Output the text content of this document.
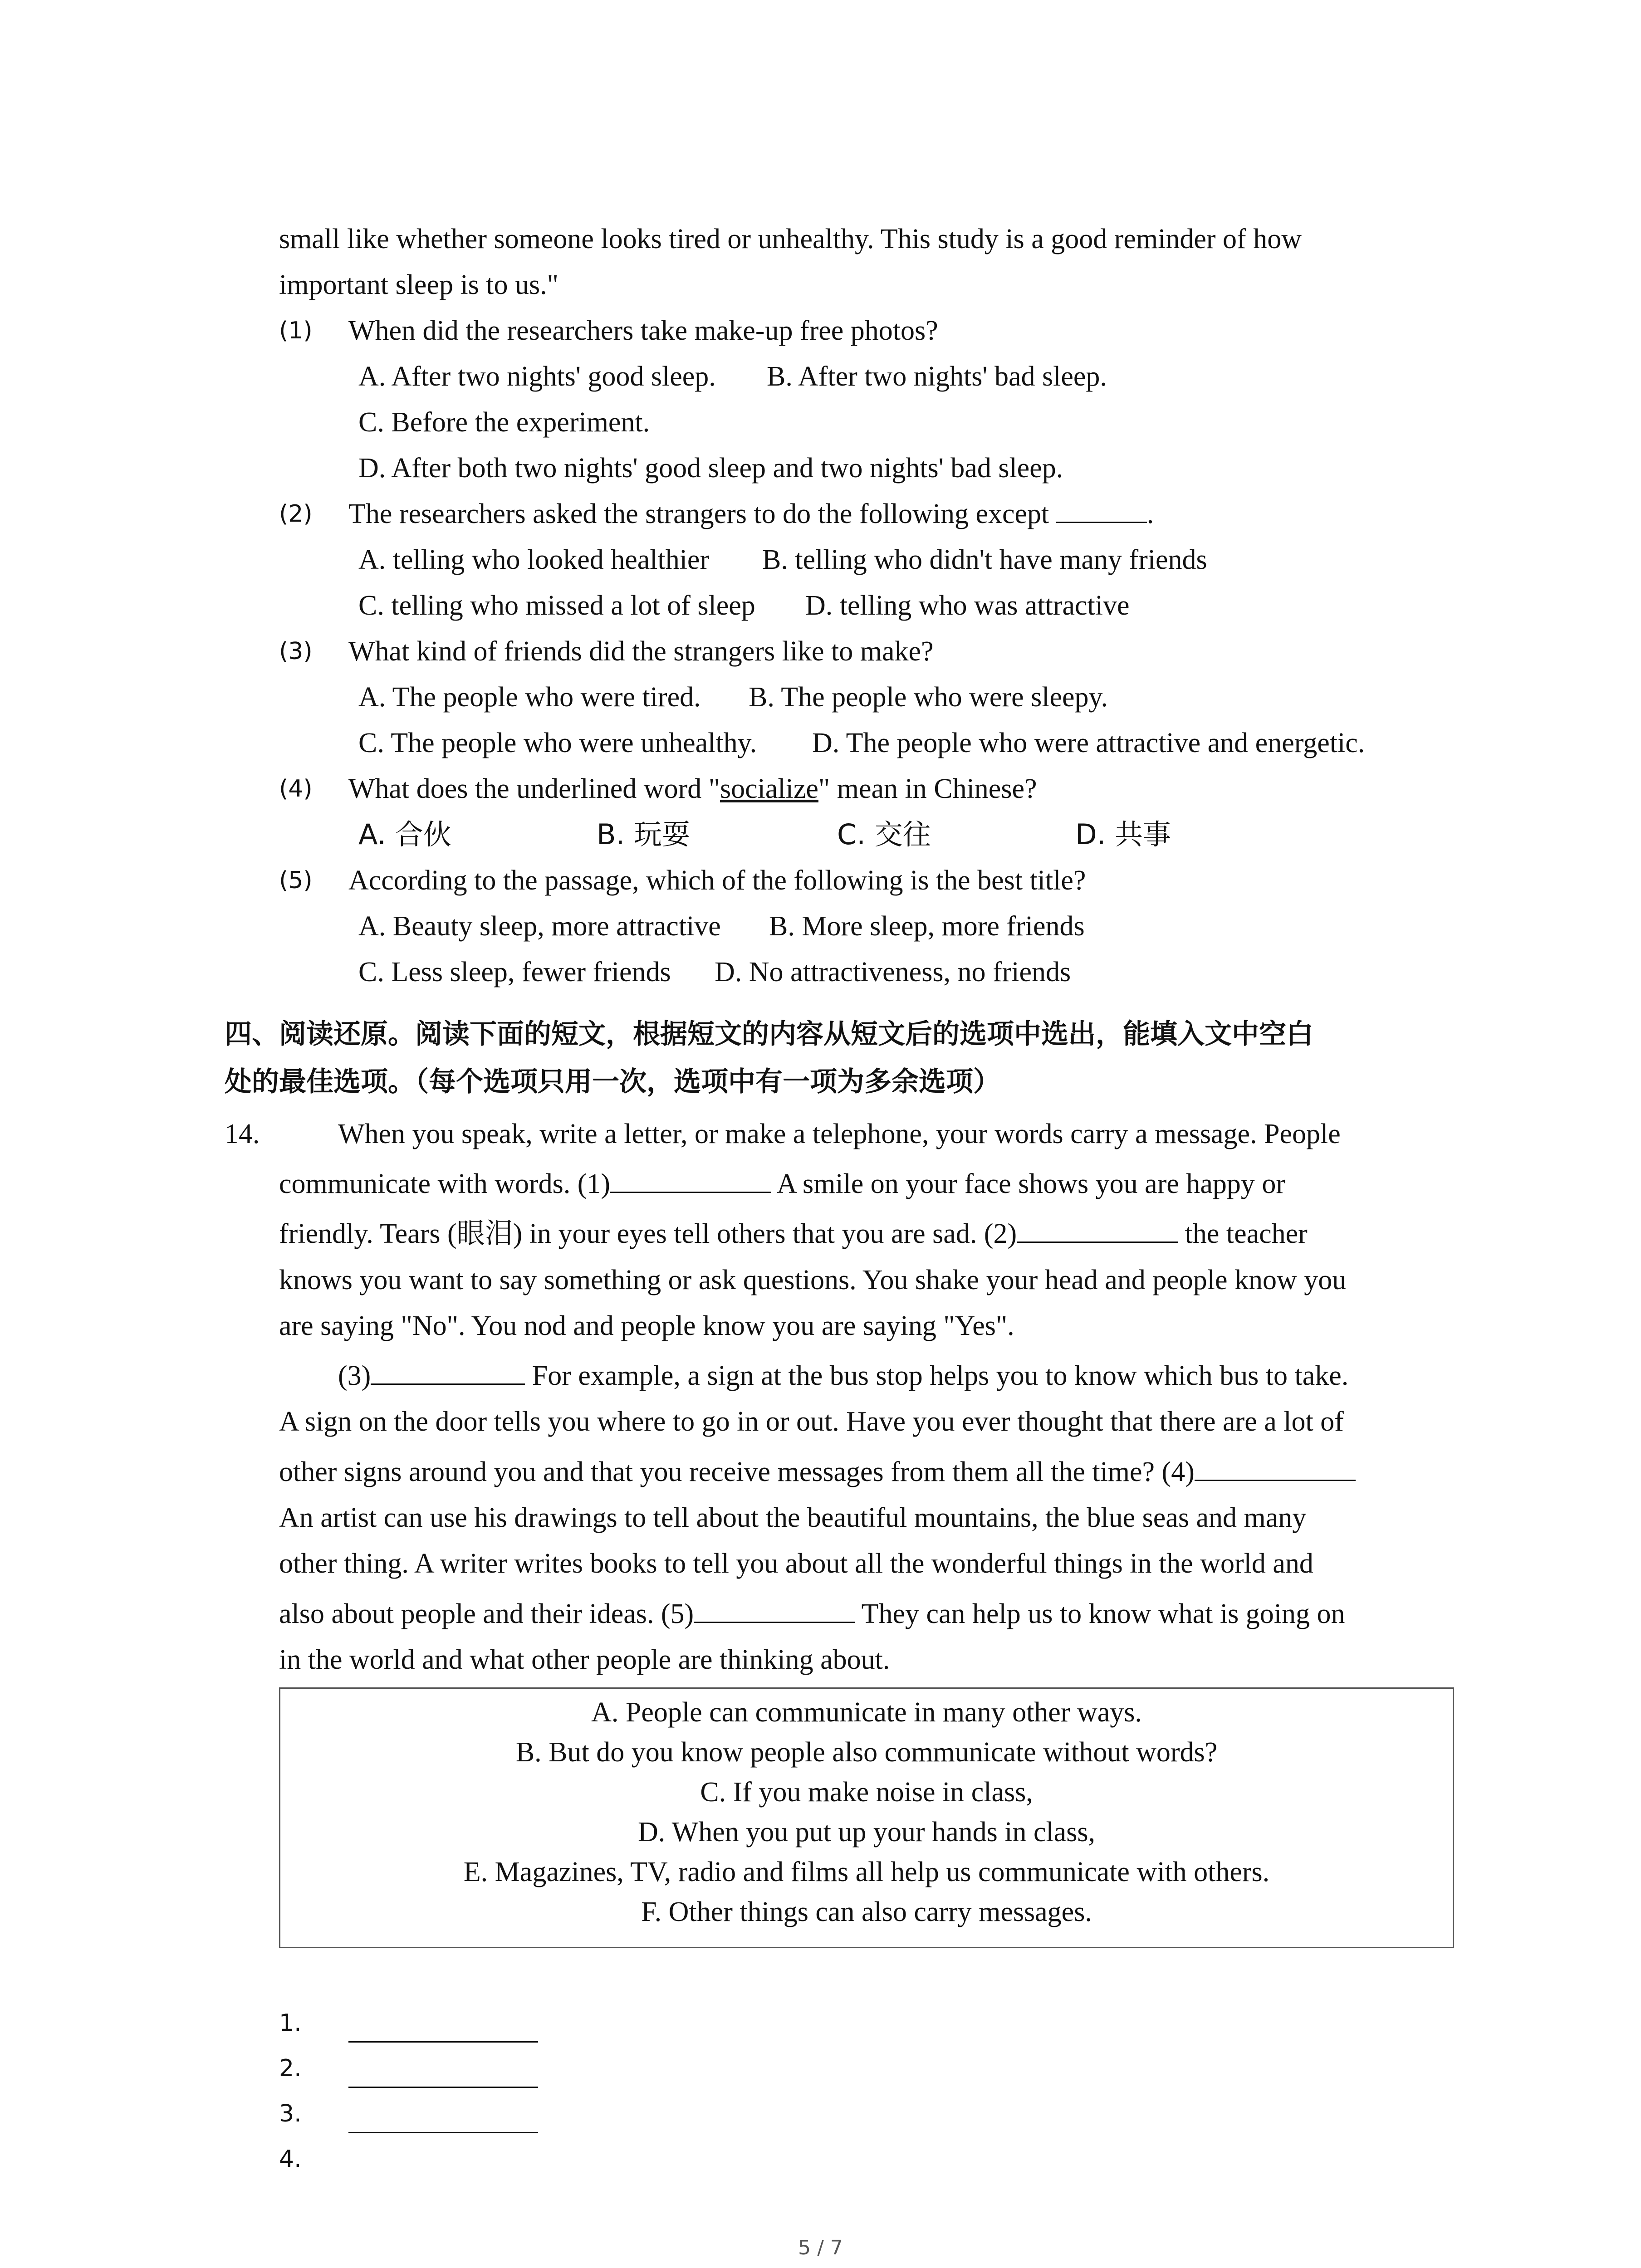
small like whether someone looks tired or unhealthy. This study is a good reminder of how
important sleep is to us."
(1) When did the researchers take make-up free photos?
A. After two nights' good sleep. B. After two nights' bad sleep.
C. Before the experiment.
D. After both two nights' good sleep and two nights' bad sleep.
(2) The researchers asked the strangers to do the following except	.
A. telling who looked healthier B. telling who didn't have many friends
C. telling who missed a lot of sleep D. telling who was attractive
(3) What kind of friends did the strangers like to make?
A. The people who were tired. B. The people who were sleepy.
C. The people who were unhealthy. D. The people who were attractive and energetic.
(4) What does the underlined word "socialize" mean in Chinese?
A. 合伙	B. 玩耍	C. 交往	D. 共事
(5) According to the passage, which of the following is the best title?
A. Beauty sleep, more attractive B. More sleep, more friends
C. Less sleep, fewer friends D. No attractiveness, no friends
四、阅读还原。阅读下面的短文，根据短文的内容从短文后的选项中选出，能填入文中空白
处的最佳选项。（每个选项只用一次，选项中有一项为多余选项）
14.	When you speak, write a letter, or make a telephone, your words carry a message. People
communicate with words. (1)	A smile on your face shows you are happy or
friendly. Tears (眼泪) in your eyes tell others that you are sad. (2)	the teacher
knows you want to say something or ask questions. You shake your head and people know you
are saying "No". You nod and people know you are saying "Yes".
(3)	For example, a sign at the bus stop helps you to know which bus to take.
A sign on the door tells you where to go in or out. Have you ever thought that there are a lot of
other signs around you and that you receive messages from them all the time? (4)
An artist can use his drawings to tell about the beautiful mountains, the blue seas and many
other thing. A writer writes books to tell you about all the wonderful things in the world and
also about people and their ideas. (5)	They can help us to know what is going on
in the world and what other people are thinking about.
A. People can communicate in many other ways.
B. But do you know people also communicate without words?
C. If you make noise in class,
D. When you put up your hands in class,
E. Magazines, TV, radio and films all help us communicate with others.
F. Other things can also carry messages.
1.
2.
3.
4.
5 / 7
